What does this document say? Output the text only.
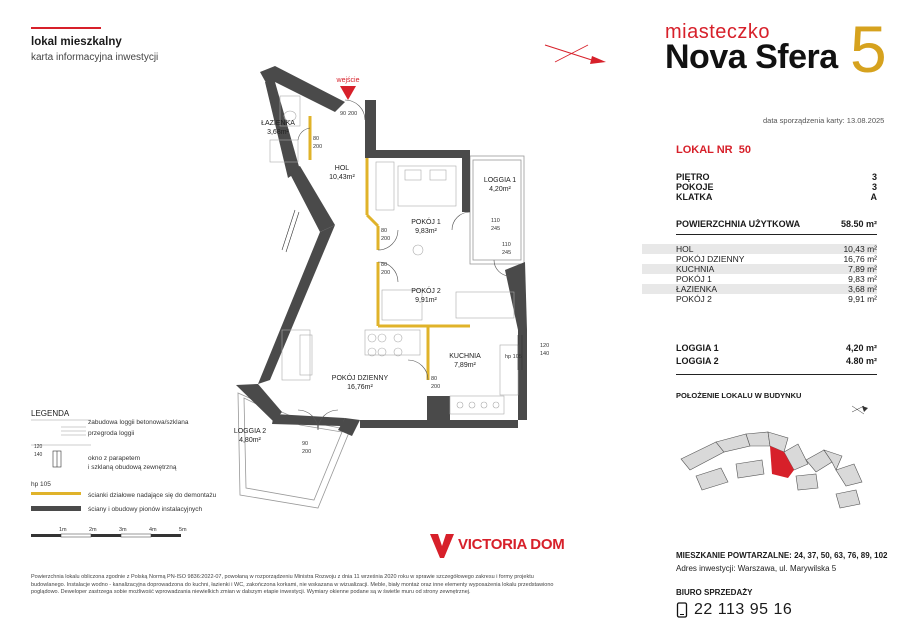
lokal mieszkalny
karta informacyjna inwestycji
miasteczko
Nova Sfera 5
data sporządzenia karty: 13.08.2025
LOKAL NR 50
PIĘTRO	3
POKOJE	3
KLATKA	A
POWIERZCHNIA UŻYTKOWA	58.50 m²
HOL	10,43 m²
POKÓJ DZIENNY	16,76 m²
KUCHNIA	7,89 m²
POKÓJ 1	9,83 m²
ŁAZIENKA	3,68 m²
POKÓJ 2	9,91 m²
LOGGIA 1	4,20 m²
LOGGIA 2	4.80 m²
POŁOŻENIE LOKALU W BUDYNKU
MIESZKANIE POWTARZALNE: 24, 37, 50, 63, 76, 89, 102
Adres inwestycji: Warszawa, ul. Marywilska 5
BIURO SPRZEDAŻY
22 113 95 16
wejście
90 200
80
200
80
200
80
200
80
200
110
245
110
245
120
140
hp 105
90
200
ŁAZIENKA
3,68m²
HOL
10,43m²	LOGGIA 1
4,20m²
POKÓJ 1
9,83m²
POKÓJ 2
9,91m²
KUCHNIA
7,89m²
POKÓJ DZIENNY
16,76m²
LOGGIA 2
4,80m²
LEGENDA
zabudowa loggii betonowa/szklana
przegroda loggii
okno z parapetem
i szklaną obudową zewnętrzną
ścianki działowe nadające się do demontażu
ściany i obudowy pionów instalacyjnych
120
140
hp 105
1m	2m	3m	4m	5m
VICTORIA DOM
Powierzchnia lokalu obliczona zgodnie z Polską Normą PN-ISO 9836:2022-07, powołaną w rozporządzeniu Ministra Rozwoju z dnia 11 września 2020 roku w sprawie szczegółowego zakresu i formy projektu budowlanego. Instalacje wodno - kanalizacyjna doprowadzona do kuchni, łazienki i WC, zakończona korkami, nie wskazana w wizualizacji. Meble, biały montaż oraz inne elementy wyposażenia lokalu przedstawiono poglądowo. Deweloper zastrzega sobie możliwość wprowadzania niewielkich zmian w dalszym etapie inwestycji. Wymiary okienne podane są w świetle muru od strony zewnętrznej.
